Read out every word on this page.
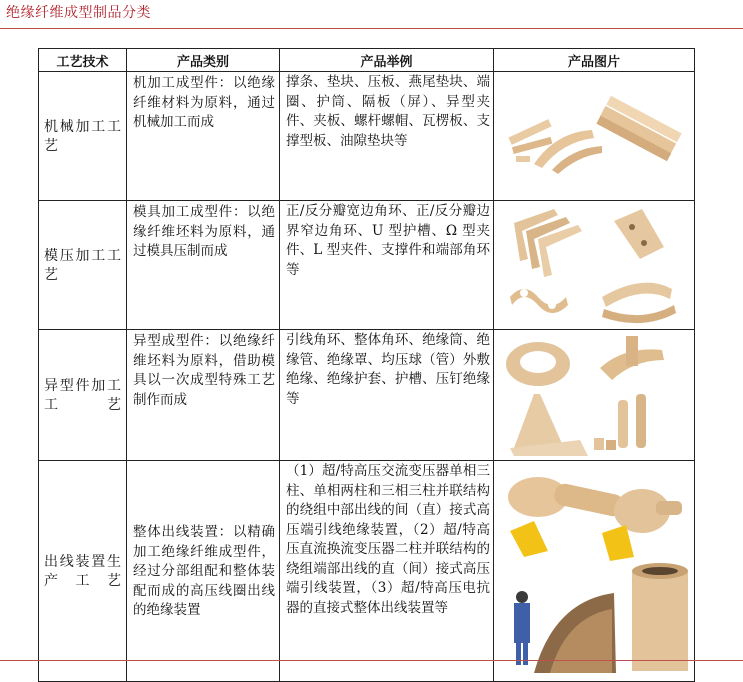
绝缘纤维成型制品分类
工艺技术	产品类别	产品举例	产品图片
机械加工工艺	机加工成型件：以绝缘纤维材料为原料，通过机械加工而成	撑条、垫块、压板、燕尾垫块、端圈、护筒、隔板（屏）、异型夹件、夹板、螺杆螺帽、瓦楞板、支撑型板、油隙垫块等	

模压加工工艺	模具加工成型件：以绝缘纤维坯料为原料，通过模具压制而成	正/反分瓣宽边角环、正/反分瓣边界窄边角环、U 型护槽、Ω 型夹件、L 型夹件、支撑件和端部角环等	

异型件加工工艺	异型成型件：以绝缘纤维坯料为原料，借助模具以一次成型特殊工艺制作而成	引线角环、整体角环、绝缘筒、绝缘管、绝缘罩、均压球（管）外敷绝缘、绝缘护套、护槽、压钉绝缘等	

出线装置生产工艺	整体出线装置：以精确加工绝缘纤维成型件，经过分部组配和整体装配而成的高压线圈出线的绝缘装置	（1）超/特高压交流变压器单相三柱、单相两柱和三相三柱并联结构的绕组中部出线的间（直）接式高压端引线绝缘装置，（2）超/特高压直流换流变压器二柱并联结构的绕组端部出线的直（间）接式高压端引线装置，（3）超/特高压电抗器的直接式整体出线装置等	
